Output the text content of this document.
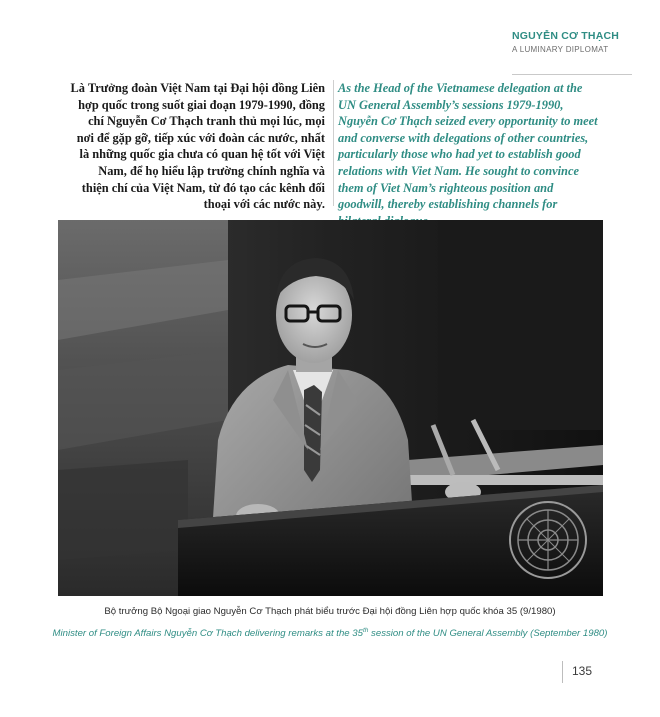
NGUYỄN CƠ THẠCH
A LUMINARY DIPLOMAT
Là Trưởng đoàn Việt Nam tại Đại hội đồng Liên hợp quốc trong suốt giai đoạn 1979-1990, đồng chí Nguyễn Cơ Thạch tranh thủ mọi lúc, mọi nơi để gặp gỡ, tiếp xúc với đoàn các nước, nhất là những quốc gia chưa có quan hệ tốt với Việt Nam, để họ hiểu lập trường chính nghĩa và thiện chí của Việt Nam, từ đó tạo các kênh đối thoại với các nước này.
As the Head of the Vietnamese delegation at the UN General Assembly’s sessions 1979-1990, Nguyễn Cơ Thạch seized every opportunity to meet and converse with delegations of other countries, particularly those who had yet to establish good relations with Viet Nam. He sought to convince them of Viet Nam’s righteous position and goodwill, thereby establishing channels for
Bộ trưởng Bộ Ngoại giao Nguyễn Cơ Thạch phát biểu trước Đại hội đồng Liên hợp quốc khóa 35 (9/1980)
Minister of Foreign Affairs Nguyễn Cơ Thạch delivering remarks at the 35th session of the UN General Assembly (September 1980)
135
